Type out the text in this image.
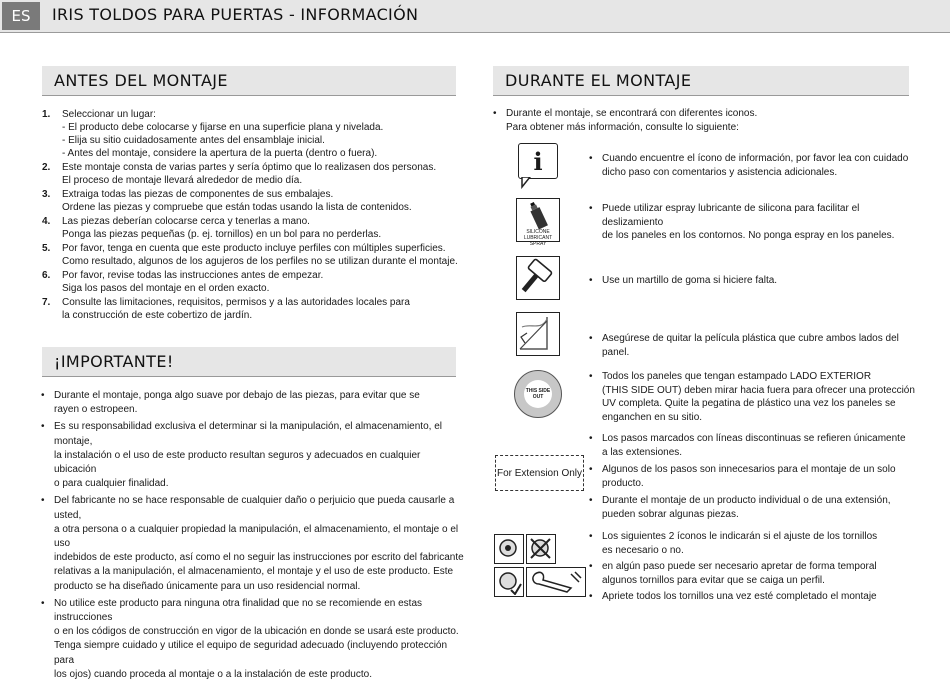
ES	IRIS TOLDOS PARA PUERTAS - INFORMACIÓN
ANTES DEL MONTAJE
1. Seleccionar un lugar:
- El producto debe colocarse y fijarse en una superficie plana y nivelada.
- Elija su sitio cuidadosamente antes del ensamblaje inicial.
- Antes del montaje, considere la apertura de la puerta (dentro o fuera).
2. Este montaje consta de varias partes y sería óptimo que lo realizasen dos personas.
El proceso de montaje llevará alrededor de medio día.
3. Extraiga todas las piezas de componentes de sus embalajes.
Ordene las piezas y compruebe que están todas usando la lista de contenidos.
4. Las piezas deberían colocarse cerca y tenerlas a mano.
Ponga las piezas pequeñas (p. ej. tornillos) en un bol para no perderlas.
5. Por favor, tenga en cuenta que este producto incluye perfiles con múltiples superficies.
Como resultado, algunos de los agujeros de los perfiles no se utilizan durante el montaje.
6. Por favor, revise todas las instrucciones antes de empezar.
Siga los pasos del montaje en el orden exacto.
7. Consulte las limitaciones, requisitos, permisos y a las autoridades locales para
la construcción de este cobertizo de jardín.
¡IMPORTANTE!
• Durante el montaje, ponga algo suave por debajo de las piezas, para evitar que se
rayen o estropeen.
• Es su responsabilidad exclusiva el determinar si la manipulación, el almacenamiento, el montaje,
la instalación o el uso de este producto resultan seguros y adecuados en cualquier ubicación
o para cualquier finalidad.
• Del fabricante no se hace responsable de cualquier daño o perjuicio que pueda causarle a usted,
a otra persona o a cualquier propiedad la manipulación, el almacenamiento, el montaje o el uso
indebidos de este producto, así como el no seguir las instrucciones por escrito del fabricante
relativas a la manipulación, el almacenamiento, el montaje y el uso de este producto. Este
producto se ha diseñado únicamente para un uso residencial normal.
• No utilice este producto para ninguna otra finalidad que no se recomiende en estas instrucciones
o en los códigos de construcción en vigor de la ubicación en donde se usará este producto.
Tenga siempre cuidado y utilice el equipo de seguridad adecuado (incluyendo protección para
los ojos) cuando proceda al montaje o a la instalación de este producto.
DURANTE EL MONTAJE
• Durante el montaje, se encontrará con diferentes iconos.
Para obtener más información, consulte lo siguiente:
i
•	Cuando encuentre el ícono de información, por favor lea con cuidado
dicho paso con comentarios y asistencia adicionales.
SILICONE
LUBRICANT SPRAY
• Puede utilizar espray lubricante de silicona para facilitar el deslizamiento
de los paneles en los contornos. No ponga espray en los paneles.
• Use un martillo de goma si hiciere falta.
• Asegúrese de quitar la película plástica que cubre ambos lados del panel.
THIS SIDE
OUT
• Todos los paneles que tengan estampado LADO EXTERIOR
(THIS SIDE OUT) deben mirar hacia fuera para ofrecer una protección
UV completa. Quite la pegatina de plástico una vez los paneles se
enganchen en su sitio.
For Extension Only
• Los pasos marcados con líneas discontinuas se refieren únicamente
a las extensiones.
• Algunos de los pasos son innecesarios para el montaje de un solo
producto.
• Durante el montaje de un producto individual o de una extensión,
pueden sobrar algunas piezas.
• Los siguientes 2 íconos le indicarán si el ajuste de los tornillos
es necesario o no.
• en algún paso puede ser necesario apretar de forma temporal
algunos tornillos para evitar que se caiga un perfil.
• Apriete todos los tornillos una vez esté completado el montaje
